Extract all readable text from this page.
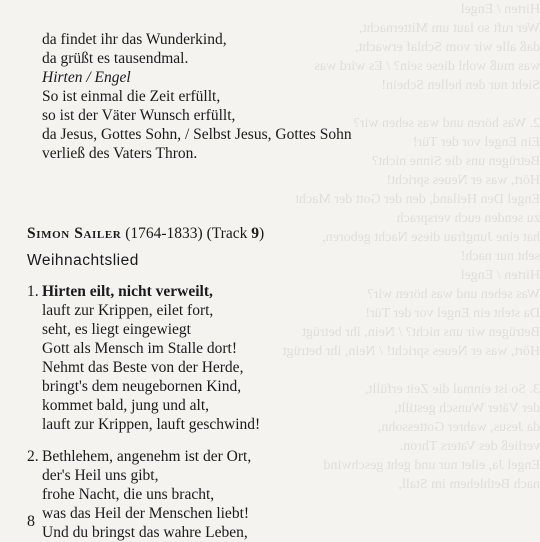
Hirten / Engel
Wer ruft so laut um Mitternacht,
daß alle wir vom Schlaf erwacht,
was muß wohl diese sein? / Es wird was
Sieht nur den hellen Schein!
2. Was hören und was sehen wir?
Ein Engel vor der Tür!
Betrügen uns die Sinne nicht?
Hört, was er Neues spricht!
Engel Den Heiland, den der Gott der Macht
zu senden euch versprach
hat eine Jungfrau diese Nacht geboren,
seht nur nach!
Hirten / Engel
Was sehen und was hören wir?
Da steht ein Engel vor der Tür!
Betrügen wir uns nicht? / Nein, ihr betrügt
Hört, was er Neues spricht! / Nein, ihr betrügt
3. So ist einmal die Zeit erfüllt,
der Väter Wunsch gestillt,
da Jesus, wahrer Gottessohn,
verließ des Vaters Thron.
Engel Ja, eilet nur und geht geschwind
nach Bethlehem im Stall,
da findet ihr das Wunderkind,
da grüßt es tausendmal.
Hirten / Engel
So ist einmal die Zeit erfüllt,
so ist der Väter Wunsch erfüllt,
da Jesus, Gottes Sohn, / Selbst Jesus, Gottes Sohn
verließ des Vaters Thron.
Simon Sailer (1764-1833) (Track 9)
Weihnachtslied
1. Hirten eilt, nicht verweilt,
lauft zur Krippen, eilet fort,
seht, es liegt eingewiegt
Gott als Mensch im Stalle dort!
Nehmt das Beste von der Herde,
bringt's dem neugebornen Kind,
kommet bald, jung und alt,
lauft zur Krippen, lauft geschwind!
2. Bethlehem, angenehm ist der Ort,
der's Heil uns gibt,
frohe Nacht, die uns bracht,
was das Heil der Menschen liebt!
Und du bringst das wahre Leben,
8
